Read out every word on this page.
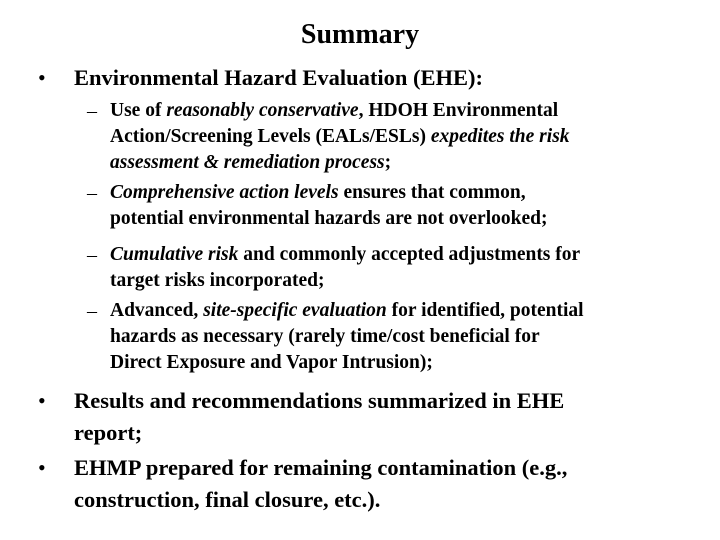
Summary
• Environmental Hazard Evaluation (EHE):
– Use of reasonably conservative, HDOH Environmental
Action/Screening Levels (EALs/ESLs) expedites the risk
assessment & remediation process;
– Comprehensive action levels ensures that common,
potential environmental hazards are not overlooked;
– Cumulative risk and commonly accepted adjustments for
target risks incorporated;
– Advanced, site-specific evaluation for identified, potential
hazards as necessary (rarely time/cost beneficial for
Direct Exposure and Vapor Intrusion);
• Results and recommendations summarized in EHE
report;
• EHMP prepared for remaining contamination (e.g.,
construction, final closure, etc.).
